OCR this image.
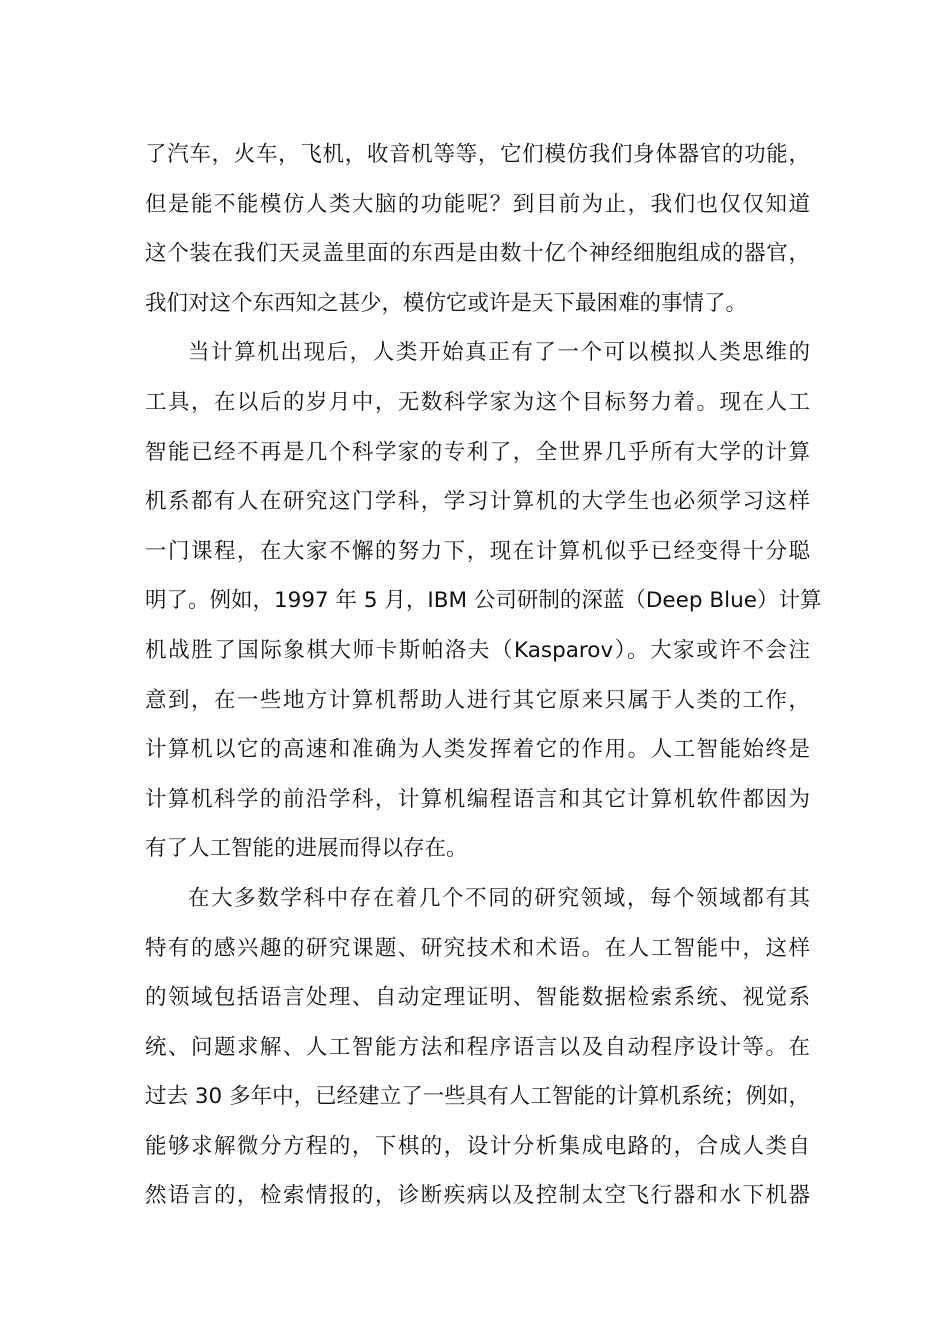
了汽车，火车，飞机，收音机等等，它们模仿我们身体器官的功能，
但是能不能模仿人类大脑的功能呢？到目前为止，我们也仅仅知道
这个装在我们天灵盖里面的东西是由数十亿个神经细胞组成的器官，
我们对这个东西知之甚少，模仿它或许是天下最困难的事情了。
当计算机出现后，人类开始真正有了一个可以模拟人类思维的
工具，在以后的岁月中，无数科学家为这个目标努力着。现在人工
智能已经不再是几个科学家的专利了，全世界几乎所有大学的计算
机系都有人在研究这门学科，学习计算机的大学生也必须学习这样
一门课程，在大家不懈的努力下，现在计算机似乎已经变得十分聪
明了。例如，1997 年 5 月，IBM 公司研制的深蓝（Deep Blue）计算
机战胜了国际象棋大师卡斯帕洛夫（Kasparov）。大家或许不会注
意到，在一些地方计算机帮助人进行其它原来只属于人类的工作，
计算机以它的高速和准确为人类发挥着它的作用。人工智能始终是
计算机科学的前沿学科，计算机编程语言和其它计算机软件都因为
有了人工智能的进展而得以存在。
在大多数学科中存在着几个不同的研究领域，每个领域都有其
特有的感兴趣的研究课题、研究技术和术语。在人工智能中，这样
的领域包括语言处理、自动定理证明、智能数据检索系统、视觉系
统、问题求解、人工智能方法和程序语言以及自动程序设计等。在
过去 30 多年中，已经建立了一些具有人工智能的计算机系统；例如，
能够求解微分方程的，下棋的，设计分析集成电路的，合成人类自
然语言的，检索情报的，诊断疾病以及控制太空飞行器和水下机器
